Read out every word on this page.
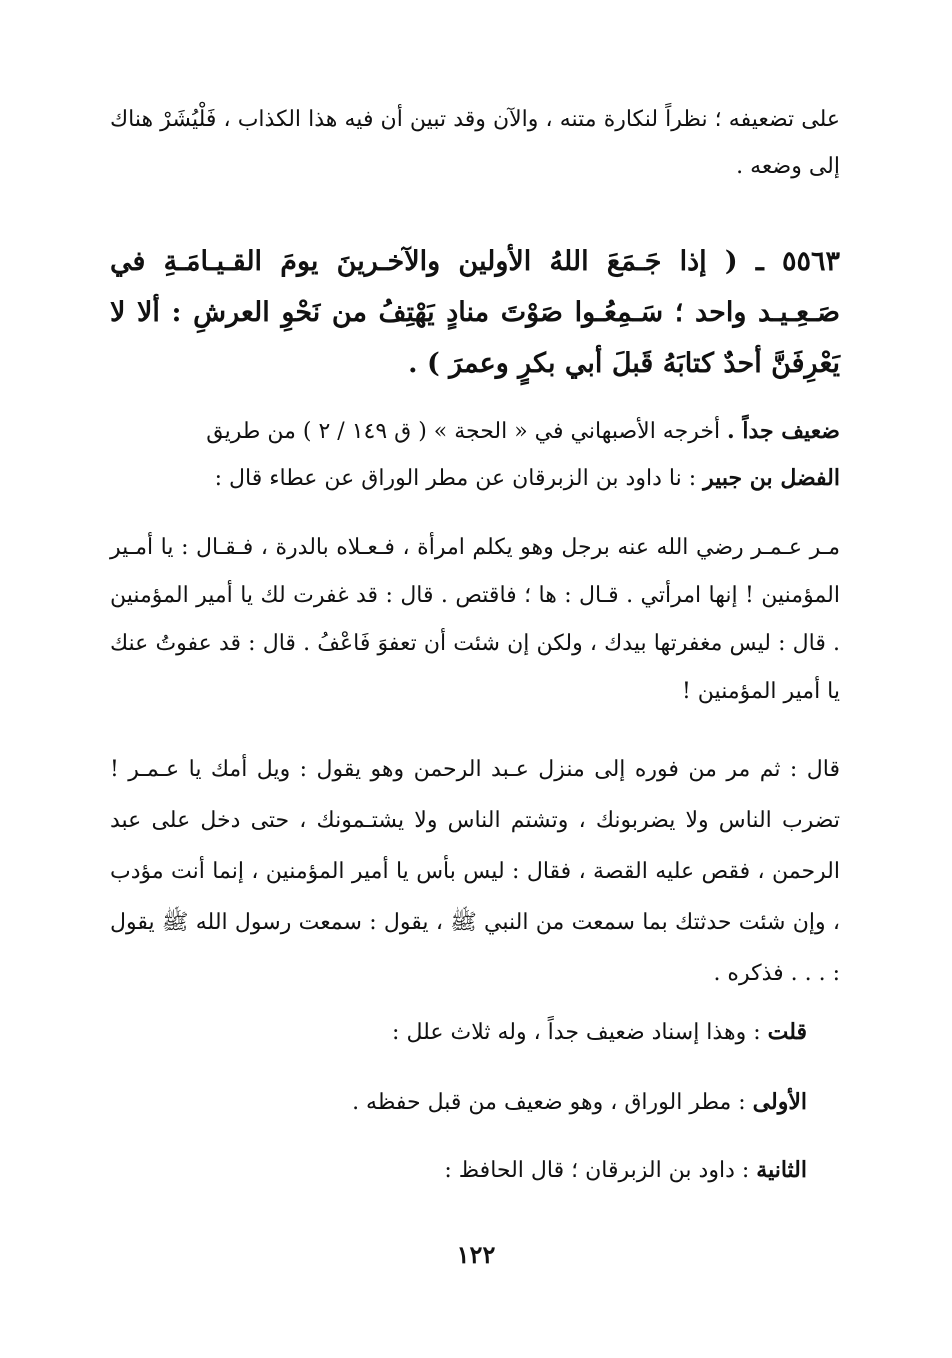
على تضعيفه ؛ نظراً لنكارة متنه ، والآن وقد تبين أن فيه هذا الكذاب ، فَلْيُشَرْ هناك إلى وضعه .

٥٥٦٣ ـ ( إذا جَـمَعَ اللهُ الأولين والآخـرينَ يومَ القـيـامَـةِ في صَـعِـيـد واحد ؛ سَـمِعُـوا صَوْتَ منادٍ يَهْتِفُ من نَحْوِ العرشِ : ألا لا يَعْرِفَنَّ أحدٌ كتابَهُ قَبلَ أبي بكرٍ وعمرَ ) .

ضعيف جداً . أخرجه الأصبهاني في « الحجة » ( ق ١٤٩ / ٢ ) من طريق
الفضل بن جبير : نا داود بن الزبرقان عن مطر الوراق عن عطاء قال :

مـر عـمـر رضي الله عنه برجل وهو يكلم امرأة ، فـعـلاه بالدرة ، فـقـال : يا أمـير المؤمنين ! إنها امرأتي . قـال : ها ؛ فاقتص . قال : قد غفرت لك يا أمير المؤمنين . قال : ليس مغفرتها بيدك ، ولكن إن شئت أن تعفوَ فَاعْفُ . قال : قد عفوتُ عنك يا أمير المؤمنين !

قال : ثم مر من فوره إلى منزل عـبد الرحمن وهو يقول : ويل أمك يا عـمـر ! تضرب الناس ولا يضربونك ، وتشتم الناس ولا يشتـمونك ، حتى دخل على عبد الرحمن ، فقص عليه القصة ، فقال : ليس بأس يا أمير المؤمنين ، إنما أنت مؤدب ، وإن شئت حدثتك بما سمعت من النبي ﷺ ، يقول : سمعت رسول الله ﷺ يقول : . . . فذكره .

قلت : وهذا إسناد ضعيف جداً ، وله ثلاث علل :

الأولى : مطر الوراق ، وهو ضعيف من قبل حفظه .

الثانية : داود بن الزبرقان ؛ قال الحافظ :

١٢٢
